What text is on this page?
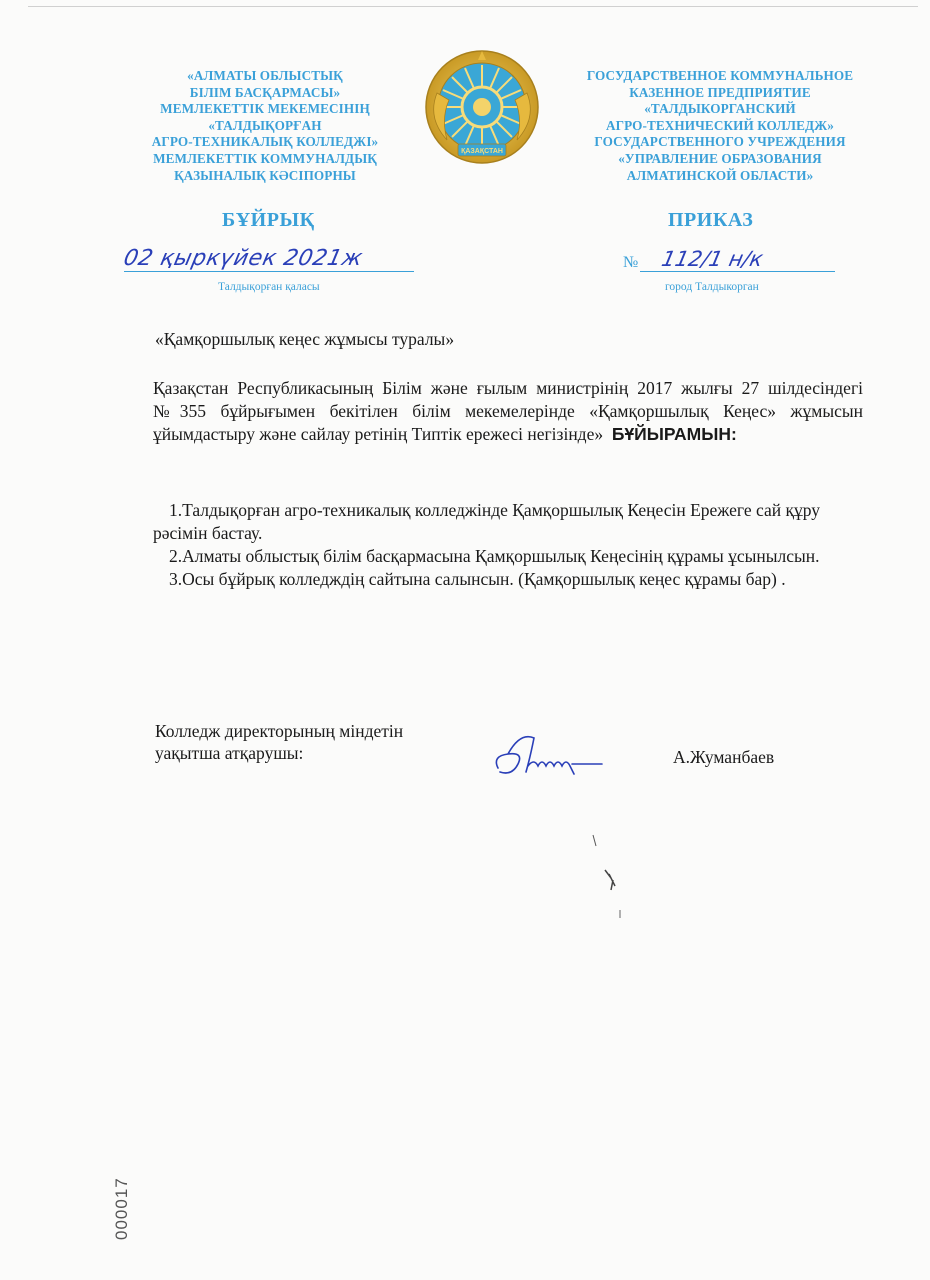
«АЛМАТЫ ОБЛЫСТЫҚ
БІЛІМ БАСҚАРМАСЫ»
МЕМЛЕКЕТТІК МЕКЕМЕСІНІҢ
«ТАЛДЫҚОРҒАН
АГРО-ТЕХНИКАЛЫҚ КОЛЛЕДЖІ»
МЕМЛЕКЕТТІК КОММУНАЛДЫҚ
ҚАЗЫНАЛЫҚ КӘСІПОРНЫ
ҚАЗАҚСТАН
ГОСУДАРСТВЕННОЕ КОММУНАЛЬНОЕ
КАЗЕННОЕ ПРЕДПРИЯТИЕ
«ТАЛДЫКОРГАНСКИЙ
АГРО-ТЕХНИЧЕСКИЙ КОЛЛЕДЖ»
ГОСУДАРСТВЕННОГО УЧРЕЖДЕНИЯ
«УПРАВЛЕНИЕ ОБРАЗОВАНИЯ
АЛМАТИНСКОЙ ОБЛАСТИ»
БҰЙРЫҚ	ПРИКАЗ
02 қыркүйек 2021ж
Талдықорған қаласы
№ 112/1 н/к
город Талдыкорган
«Қамқоршылық кеңес жұмысы туралы»
Қазақстан Республикасының Білім және ғылым министрінің 2017 жылғы 27 шілдесіндегі №355 бұйрығымен бекітілен білім мекемелерінде «Қамқоршылық Кеңес» жұмысын ұйымдастыру және сайлау ретінің Типтік ережесі негізінде» БҰЙЫРАМЫН:
1.Талдықорған агро-техникалық колледжінде Қамқоршылық Кеңесін Ережеге сай құру рәсімін бастау.
2.Алматы облыстық білім басқармасына Қамқоршылық Кеңесінің құрамы ұсынылсын.
3.Осы бұйрық колледждің сайтына салынсын. (Қамқоршылық кеңес құрамы бар) .
Колледж директорының міндетін
уақытша атқарушы:	А.Жуманбаев
000017
